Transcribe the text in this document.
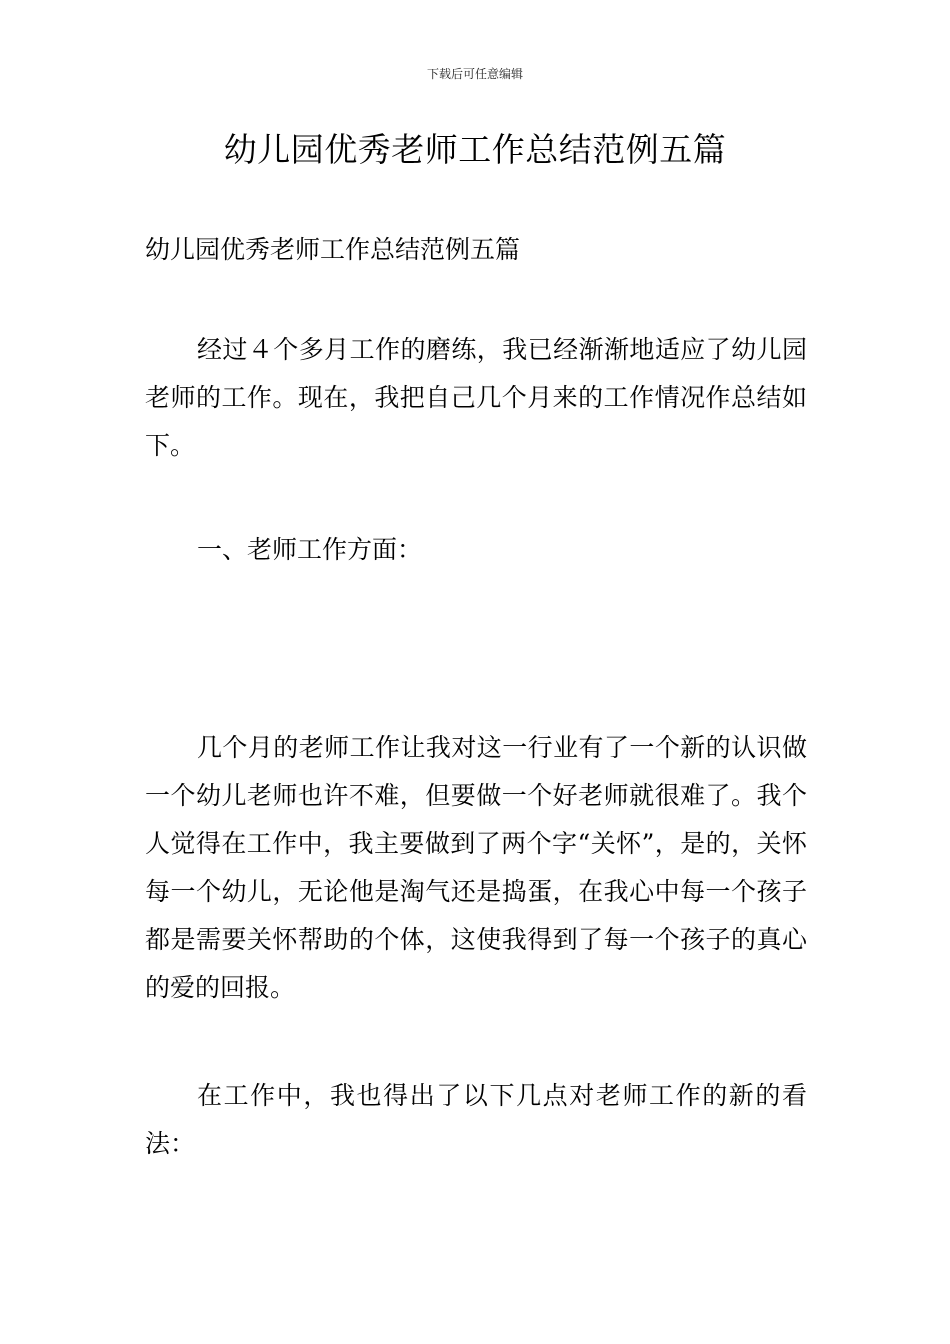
下载后可任意编辑
幼儿园优秀老师工作总结范例五篇

幼儿园优秀老师工作总结范例五篇

经过４个多月工作的磨练，我已经渐渐地适应了幼儿园老师的工作。现在，我把自己几个月来的工作情况作总结如下。

一、老师工作方面：

几个月的老师工作让我对这一行业有了一个新的认识做一个幼儿老师也许不难，但要做一个好老师就很难了。我个人觉得在工作中，我主要做到了两个字“关怀”，是的，关怀每一个幼儿，无论他是淘气还是捣蛋，在我心中每一个孩子都是需要关怀帮助的个体，这使我得到了每一个孩子的真心的爱的回报。

在工作中，我也得出了以下几点对老师工作的新的看法：
